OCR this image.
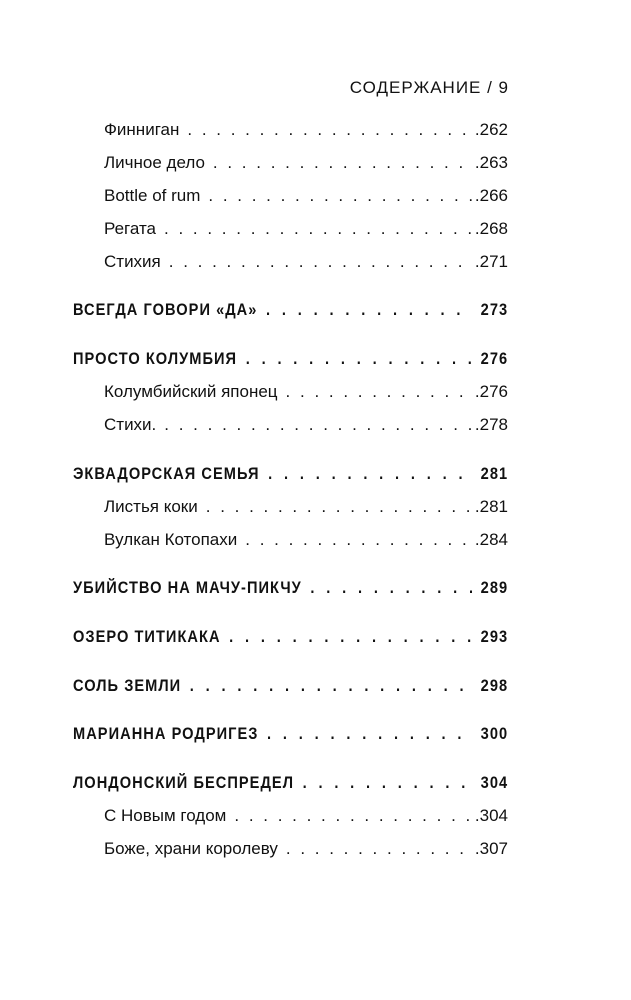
СОДЕРЖАНИЕ / 9
Финниган . . .	.262
Личное дело . . .	.263
Bottle of rum . . .	.266
Регата . . .	.268
Стихия . . .	.271
ВСЕГДА ГОВОРИ «ДА» . . .	273
ПРОСТО КОЛУМБИЯ . . .	276
Колумбийский японец . . .	.276
Стихи. . . .	.278
ЭКВАДОРСКАЯ СЕМЬЯ . . .	281
Листья коки . . .	.281
Вулкан Котопахи . . .	.284
УБИЙСТВО НА МАЧУ-ПИКЧУ . . .	289
ОЗЕРО ТИТИКАКА . . .	293
СОЛЬ ЗЕМЛИ . . .	298
МАРИАННА РОДРИГЕЗ . . .	300
ЛОНДОНСКИЙ БЕСПРЕДЕЛ . . .	304
С Новым годом . . .	.304
Боже, храни королеву . . .	.307
